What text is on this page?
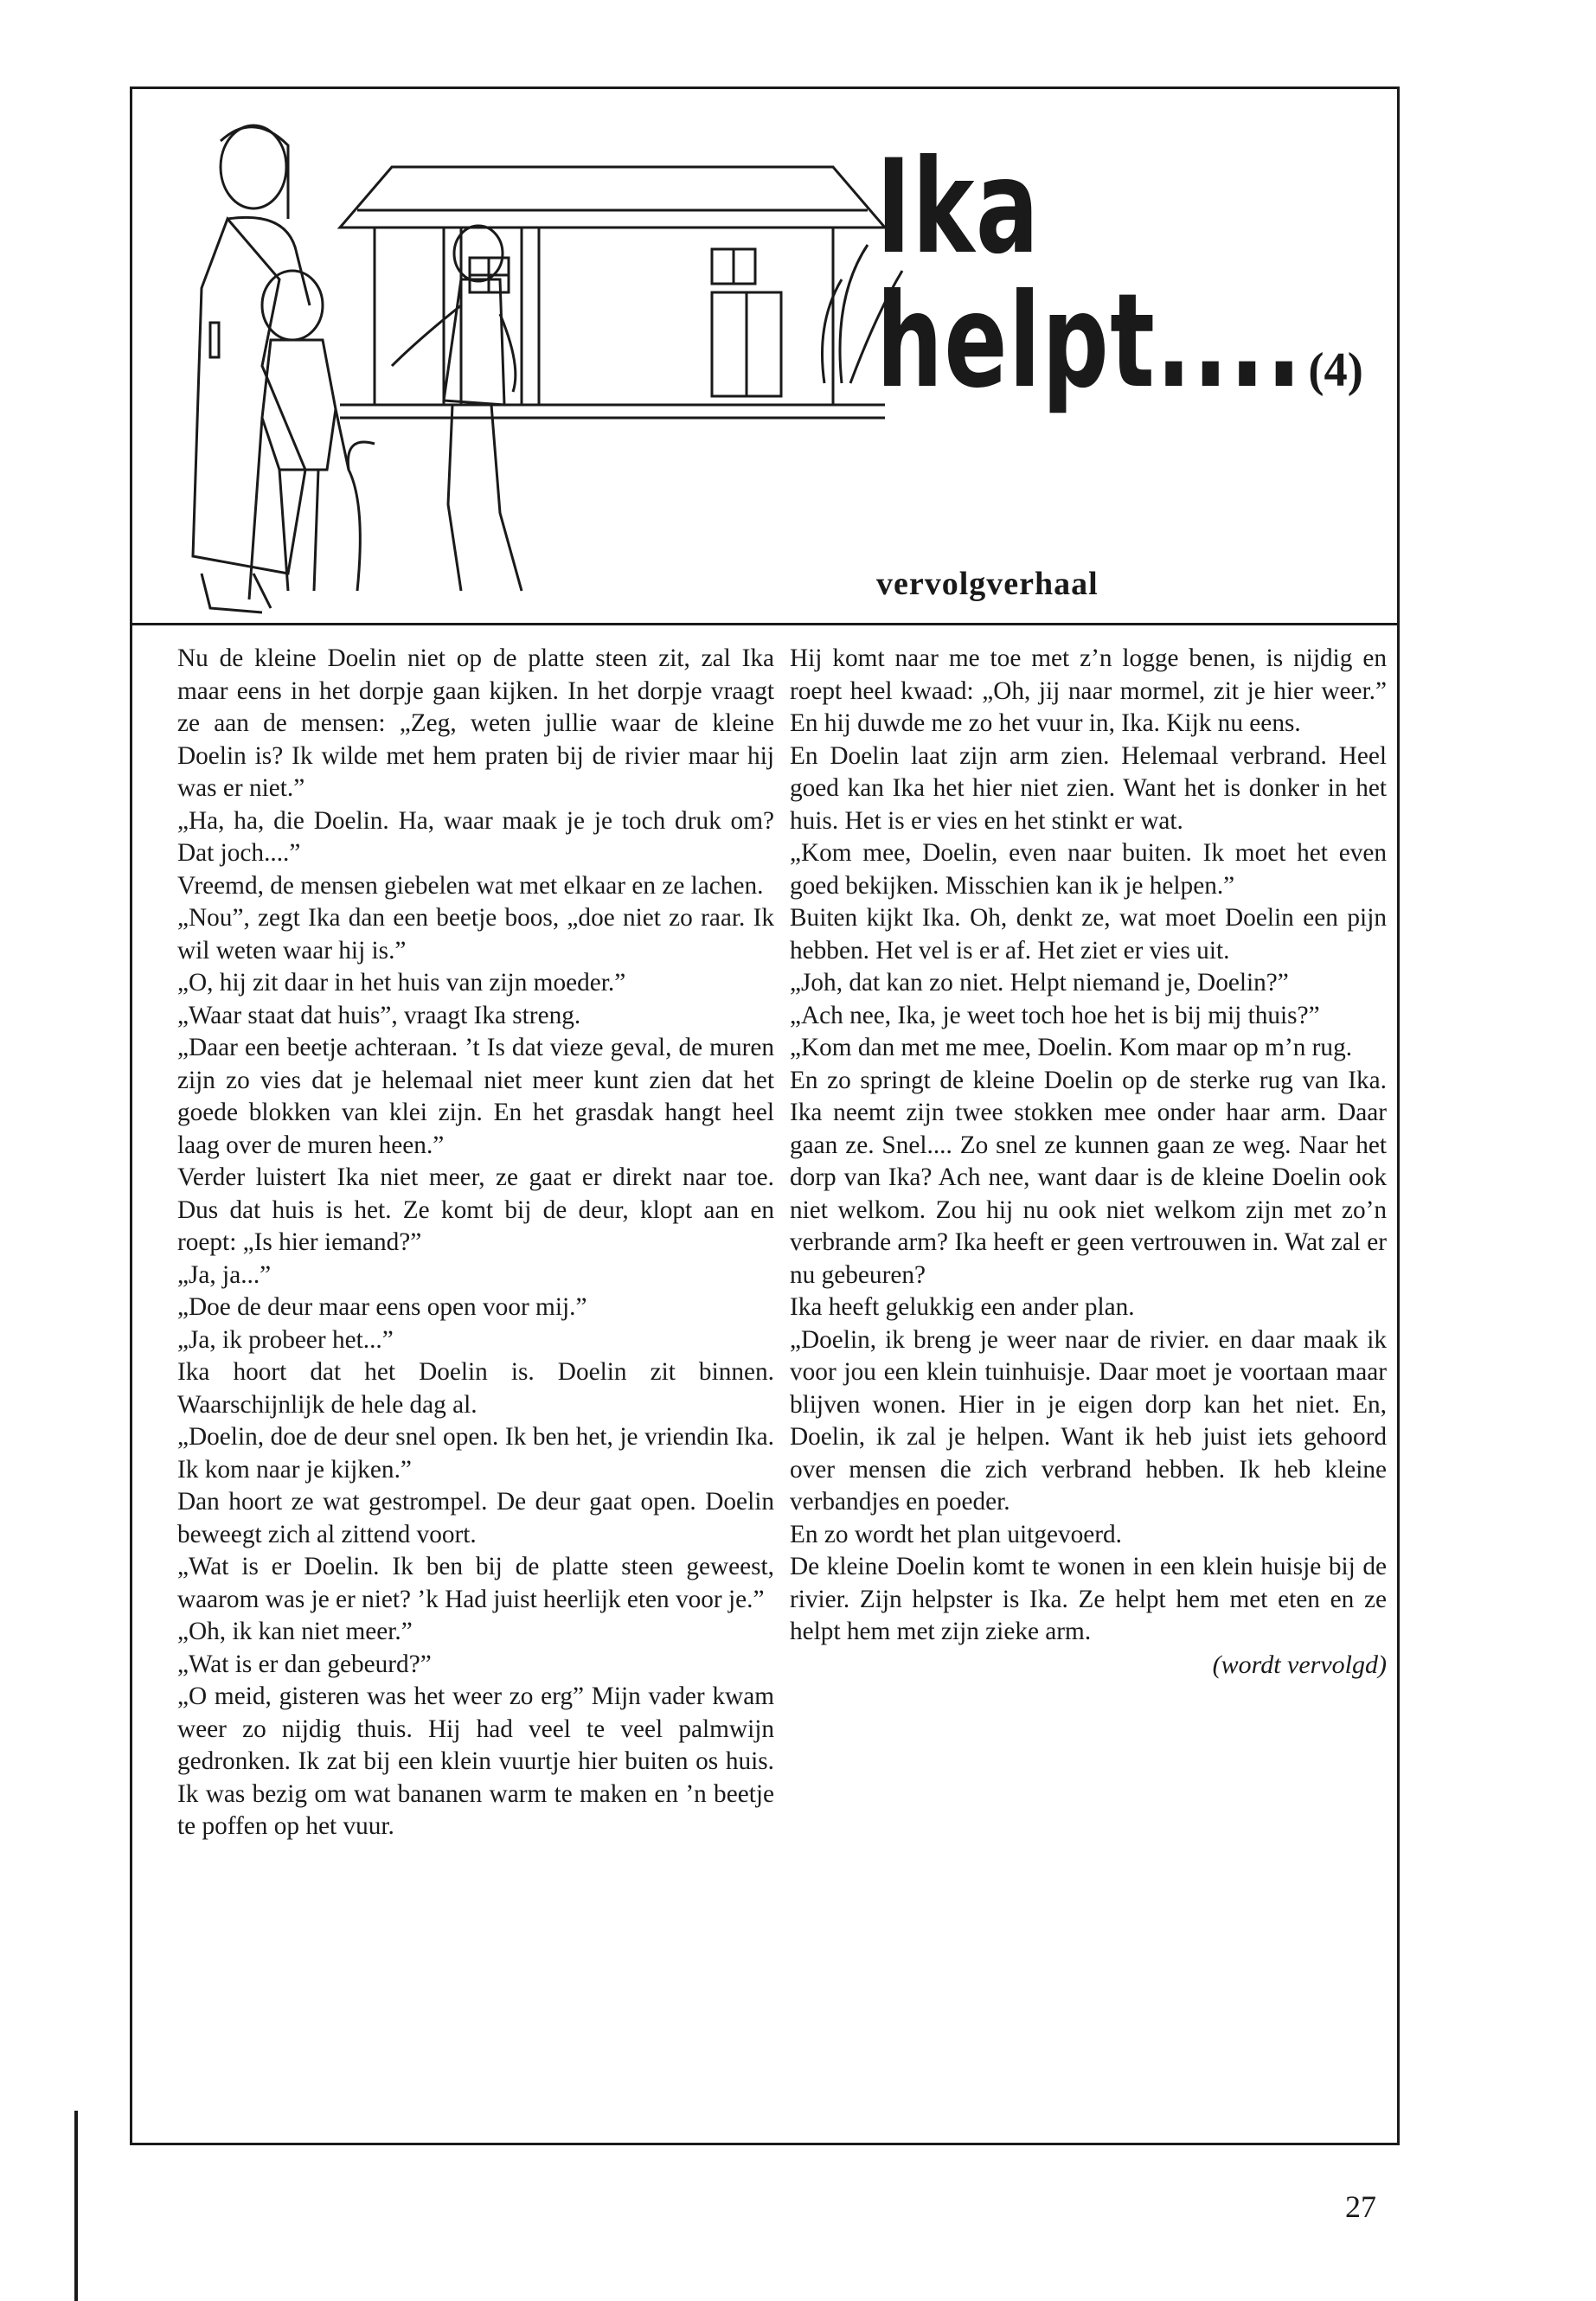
Ika
helpt.... (4)
vervolgverhaal

Nu de kleine Doelin niet op de platte steen zit, zal Ika maar eens in het dorpje gaan kijken. In het dorpje vraagt ze aan de mensen: „Zeg, weten jullie waar de kleine Doelin is? Ik wilde met hem praten bij de rivier maar hij was er niet.”

„Ha, ha, die Doelin. Ha, waar maak je je toch druk om? Dat joch....”

Vreemd, de mensen giebelen wat met elkaar en ze lachen.

„Nou”, zegt Ika dan een beetje boos, „doe niet zo raar. Ik wil weten waar hij is.”

„O, hij zit daar in het huis van zijn moeder.”

„Waar staat dat huis”, vraagt Ika streng.

„Daar een beetje achteraan. ’t Is dat vieze geval, de muren zijn zo vies dat je helemaal niet meer kunt zien dat het goede blokken van klei zijn. En het grasdak hangt heel laag over de muren heen.”

Verder luistert Ika niet meer, ze gaat er direkt naar toe. Dus dat huis is het. Ze komt bij de deur, klopt aan en roept: „Is hier iemand?”

„Ja, ja...”

„Doe de deur maar eens open voor mij.”

„Ja, ik probeer het...”

Ika hoort dat het Doelin is. Doelin zit binnen. Waarschijnlijk de hele dag al.

„Doelin, doe de deur snel open. Ik ben het, je vriendin Ika. Ik kom naar je kijken.”

Dan hoort ze wat gestrompel. De deur gaat open. Doelin beweegt zich al zittend voort.

„Wat is er Doelin. Ik ben bij de platte steen geweest, waarom was je er niet? ’k Had juist heerlijk eten voor je.”

„Oh, ik kan niet meer.”

„Wat is er dan gebeurd?”

„O meid, gisteren was het weer zo erg” Mijn vader kwam weer zo nijdig thuis. Hij had veel te veel palmwijn gedronken. Ik zat bij een klein vuurtje hier buiten os huis. Ik was bezig om wat bananen warm te maken en ’n beetje te poffen op het vuur.

Hij komt naar me toe met z’n logge benen, is nijdig en roept heel kwaad: „Oh, jij naar mormel, zit je hier weer.” En hij duwde me zo het vuur in, Ika. Kijk nu eens.

En Doelin laat zijn arm zien. Helemaal verbrand. Heel goed kan Ika het hier niet zien. Want het is donker in het huis. Het is er vies en het stinkt er wat.

„Kom mee, Doelin, even naar buiten. Ik moet het even goed bekijken. Misschien kan ik je helpen.”

Buiten kijkt Ika. Oh, denkt ze, wat moet Doelin een pijn hebben. Het vel is er af. Het ziet er vies uit.

„Joh, dat kan zo niet. Helpt niemand je, Doelin?”

„Ach nee, Ika, je weet toch hoe het is bij mij thuis?”

„Kom dan met me mee, Doelin. Kom maar op m’n rug.

En zo springt de kleine Doelin op de sterke rug van Ika. Ika neemt zijn twee stokken mee onder haar arm. Daar gaan ze. Snel.... Zo snel ze kunnen gaan ze weg. Naar het dorp van Ika? Ach nee, want daar is de kleine Doelin ook niet welkom. Zou hij nu ook niet welkom zijn met zo’n verbrande arm? Ika heeft er geen vertrouwen in. Wat zal er nu gebeuren?

Ika heeft gelukkig een ander plan.

„Doelin, ik breng je weer naar de rivier. en daar maak ik voor jou een klein tuinhuisje. Daar moet je voortaan maar blijven wonen. Hier in je eigen dorp kan het niet. En, Doelin, ik zal je helpen. Want ik heb juist iets gehoord over mensen die zich verbrand hebben. Ik heb kleine verbandjes en poeder.

En zo wordt het plan uitgevoerd.

De kleine Doelin komt te wonen in een klein huisje bij de rivier. Zijn helpster is Ika. Ze helpt hem met eten en ze helpt hem met zijn zieke arm.

(wordt vervolgd)

27
